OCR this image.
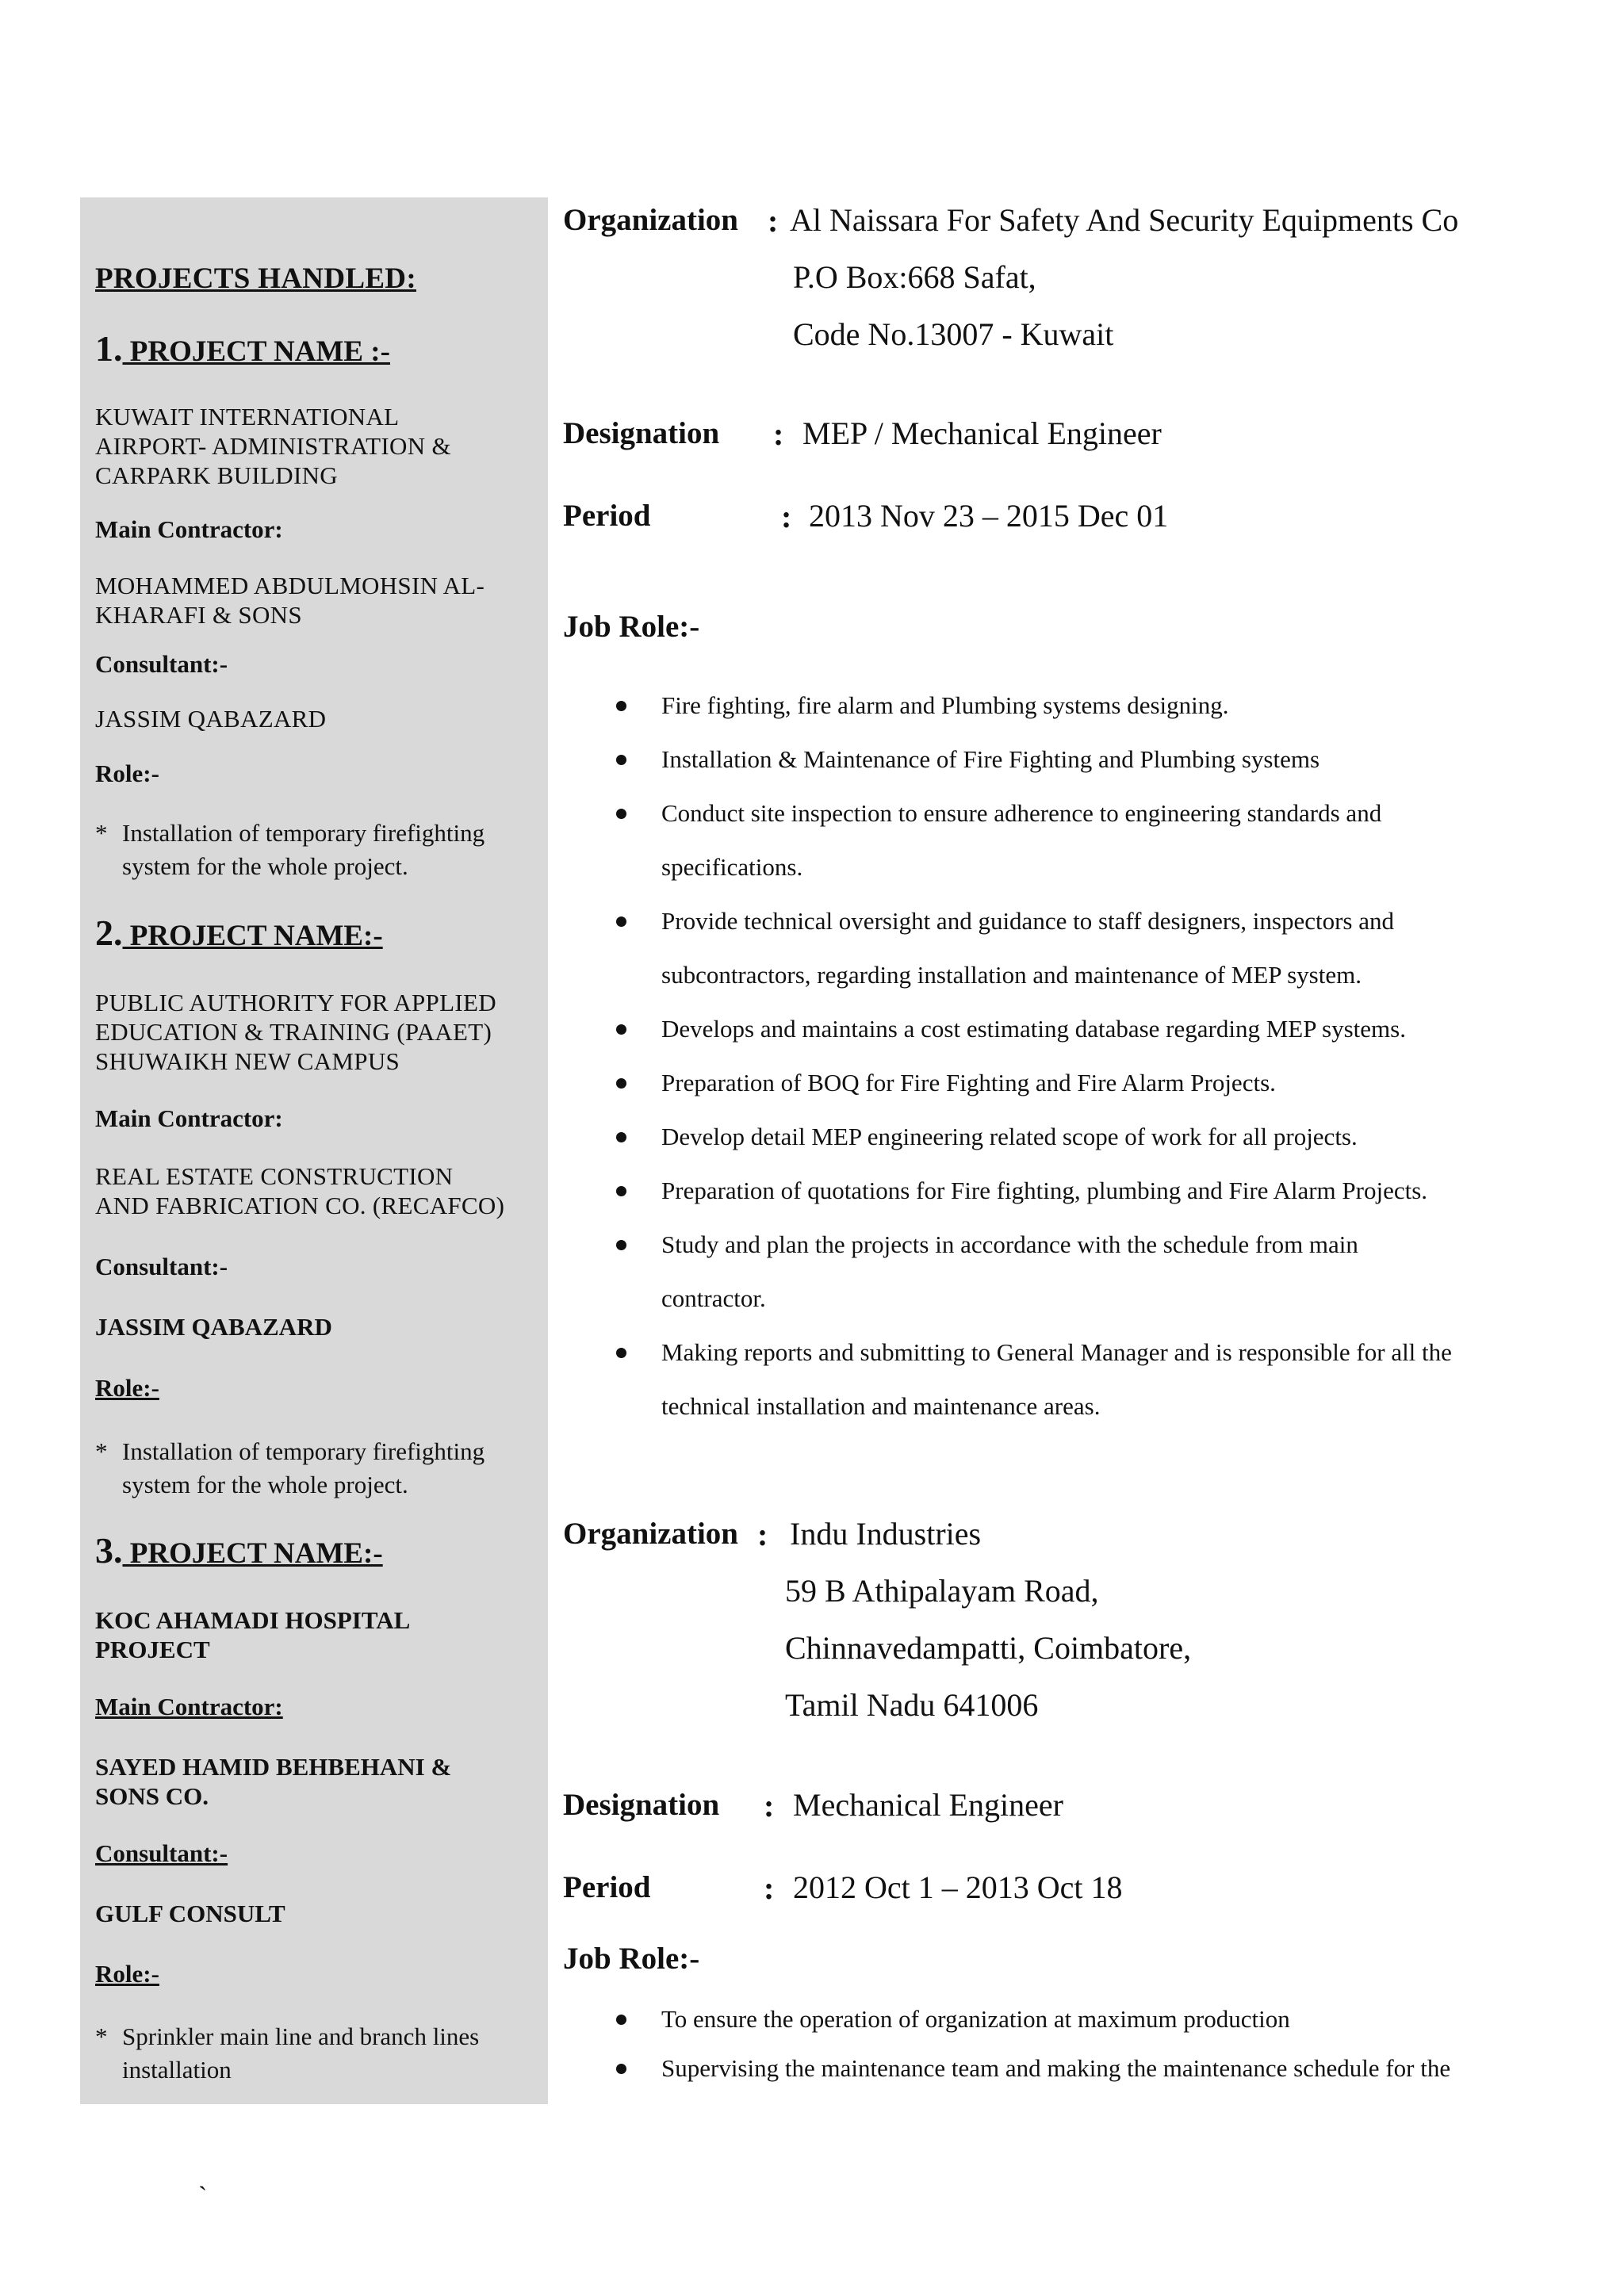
PROJECTS HANDLED:

1. PROJECT NAME :-

KUWAIT INTERNATIONAL
AIRPORT- ADMINISTRATION &
CARPARK BUILDING

Main Contractor:

MOHAMMED ABDULMOHSIN AL-
KHARAFI & SONS

Consultant:-

JASSIM QABAZARD

Role:-

* Installation of temporary firefighting
system for the whole project.

2. PROJECT NAME:-

PUBLIC AUTHORITY FOR APPLIED
EDUCATION & TRAINING (PAAET)
SHUWAIKH NEW CAMPUS

Main Contractor:

REAL ESTATE CONSTRUCTION
AND FABRICATION CO. (RECAFCO)

Consultant:-

JASSIM QABAZARD

Role:-

* Installation of temporary firefighting
system for the whole project.

3. PROJECT NAME:-

KOC AHAMADI HOSPITAL
PROJECT

Main Contractor:

SAYED HAMID BEHBEHANI &
SONS CO.

Consultant:-

GULF CONSULT

Role:-

* Sprinkler main line and branch lines
installation

Organization : Al Naissara For Safety And Security Equipments Co

P.O Box:668 Safat,

Code No.13007 - Kuwait

Designation : MEP / Mechanical Engineer

Period	: 2013 Nov 23 – 2015 Dec 01

Job Role:-

Fire fighting, fire alarm and Plumbing systems designing.
Installation & Maintenance of Fire Fighting and Plumbing systems
Conduct site inspection to ensure adherence to engineering standards and
specifications.
Provide technical oversight and guidance to staff designers, inspectors and
subcontractors, regarding installation and maintenance of MEP system.
Develops and maintains a cost estimating database regarding MEP systems.
Preparation of BOQ for Fire Fighting and Fire Alarm Projects.
Develop detail MEP engineering related scope of work for all projects.
Preparation of quotations for Fire fighting, plumbing and Fire Alarm Projects.
Study and plan the projects in accordance with the schedule from main
contractor.
Making reports and submitting to General Manager and is responsible for all the
technical installation and maintenance areas.

Organization : Indu Industries

59 B Athipalayam Road,

Chinnavedampatti, Coimbatore,

Tamil Nadu 641006

Designation : Mechanical Engineer

Period	: 2012 Oct 1 – 2013 Oct 18

Job Role:-

To ensure the operation of organization at maximum production
Supervising the maintenance team and making the maintenance schedule for the
`
